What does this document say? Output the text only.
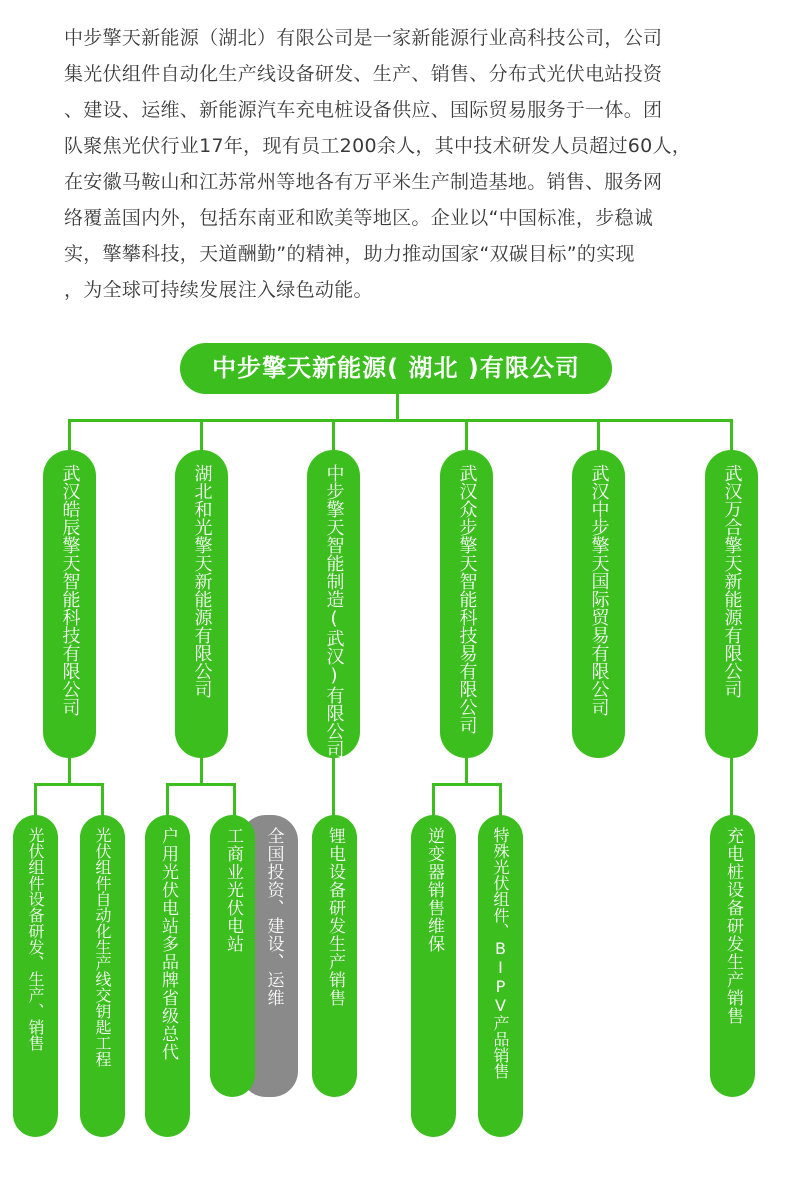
中步擎天新能源（湖北）有限公司是一家新能源行业高科技公司，公司
集光伏组件自动化生产线设备研发、生产、销售、分布式光伏电站投资
、建设、运维、新能源汽车充电桩设备供应、国际贸易服务于一体。团
队聚焦光伏行业17年，现有员工200余人，其中技术研发人员超过60人，
在安徽马鞍山和江苏常州等地各有万平米生产制造基地。销售、服务网
络覆盖国内外，包括东南亚和欧美等地区。企业以“中国标准，步稳诚
实，擎攀科技，天道酬勤”的精神，助力推动国家“双碳目标”的实现
，为全球可持续发展注入绿色动能。
中步擎天新能源( 湖北 )有限公司
武汉皓辰擎天智能科技有限公司	湖北和光擎天新能源有限公司	中步擎天智能制造(武汉)有限公司	武汉众步擎天智能科技易有限公司	武汉中步擎天国际贸易有限公司	武汉万合擎天新能源有限公司
光伏组件设备研发、生产、销售	光伏组件自动化生产线交钥匙工程	户用光伏电站多品牌省级总代	全国投资、建设、运维
工商业光伏电站	锂电设备研发生产销售	逆变器销售维保	特殊光伏组件、BIPV产品销售	充电桩设备研发生产销售
